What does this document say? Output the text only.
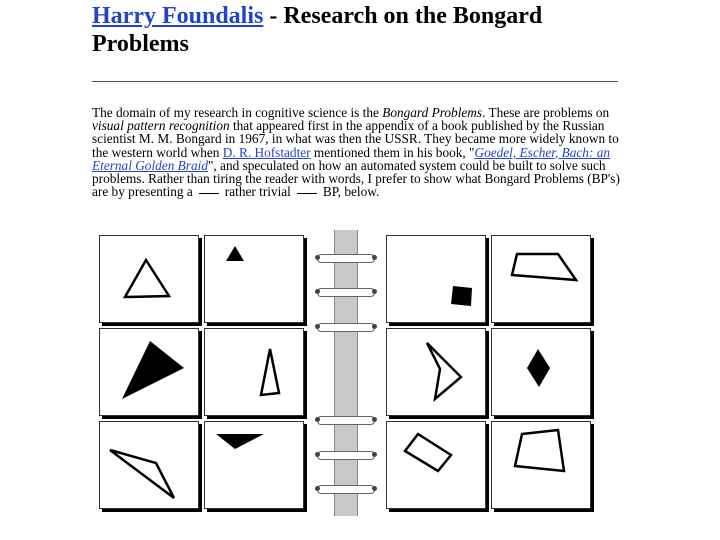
Harry Foundalis - Research on the Bongard Problems

The domain of my research in cognitive science is the Bongard Problems. These are problems on visual pattern recognition that appeared first in the appendix of a book published by the Russian scientist M. M. Bongard in 1967, in what was then the USSR. They became more widely known to the western world when D. R. Hofstadter mentioned them in his book, "Goedel, Escher, Bach: an Eternal Golden Braid", and speculated on how an automated system could be built to solve such problems. Rather than tiring the reader with words, I prefer to show what Bongard Problems (BP's) are by presenting a rather trivial BP, below.
